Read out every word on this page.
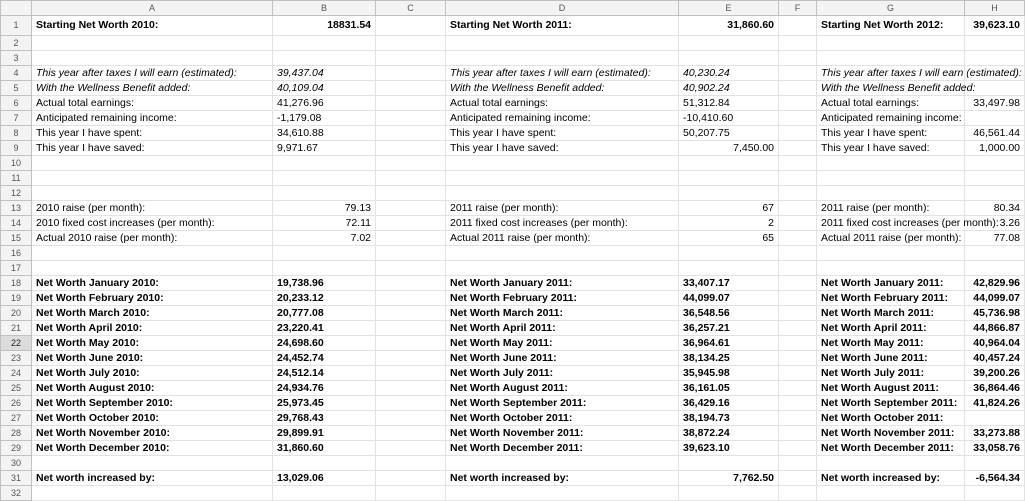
	A	B	C	D	E	F	G	H
1	Starting Net Worth 2010:	18831.54		Starting Net Worth 2011:	31,860.60		Starting Net Worth 2012:	39,623.10
2								
3								
4	This year after taxes I will earn (estimated):	39,437.04		This year after taxes I will earn (estimated):	40,230.24		This year after taxes I will earn (estimated):	
5	With the Wellness Benefit added:	40,109.04		With the Wellness Benefit added:	40,902.24		With the Wellness Benefit added:	
6	Actual total earnings:	41,276.96		Actual total earnings:	51,312.84		Actual total earnings:	33,497.98
7	Anticipated remaining income:	-1,179.08		Anticipated remaining income:	-10,410.60		Anticipated remaining income:	
8	This year I have spent:	34,610.88		This year I have spent:	50,207.75		This year I have spent:	46,561.44
9	This year I have saved:	9,971.67		This year I have saved:	7,450.00		This year I have saved:	1,000.00
10								
11								
12								
13	2010 raise (per month):	79.13		2011 raise (per month):	67		2011 raise (per month):	80.34
14	2010 fixed cost increases (per month):	72.11		2011 fixed cost increases (per month):	2		2011 fixed cost increases (per month):	3.26
15	Actual 2010 raise (per month):	7.02		Actual 2011 raise (per month):	65		Actual 2011 raise (per month):	77.08
16								
17								
18	Net Worth January 2010:	19,738.96		Net Worth January 2011:	33,407.17		Net Worth January 2011:	42,829.96
19	Net Worth February 2010:	20,233.12		Net Worth February 2011:	44,099.07		Net Worth February 2011:	44,099.07
20	Net Worth March 2010:	20,777.08		Net Worth March 2011:	36,548.56		Net Worth March 2011:	45,736.98
21	Net Worth April 2010:	23,220.41		Net Worth April 2011:	36,257.21		Net Worth April 2011:	44,866.87
22	Net Worth May 2010:	24,698.60		Net Worth May 2011:	36,964.61		Net Worth May 2011:	40,964.04
23	Net Worth June 2010:	24,452.74		Net Worth June 2011:	38,134.25		Net Worth June 2011:	40,457.24
24	Net Worth July 2010:	24,512.14		Net Worth July 2011:	35,945.98		Net Worth July 2011:	39,200.26
25	Net Worth August 2010:	24,934.76		Net Worth August 2011:	36,161.05		Net Worth August 2011:	36,864.46
26	Net Worth September 2010:	25,973.45		Net Worth September 2011:	36,429.16		Net Worth September 2011:	41,824.26
27	Net Worth October 2010:	29,768.43		Net Worth October 2011:	38,194.73		Net Worth October 2011:	
28	Net Worth November 2010:	29,899.91		Net Worth November 2011:	38,872.24		Net Worth November 2011:	33,273.88
29	Net Worth December 2010:	31,860.60		Net Worth December 2011:	39,623.10		Net Worth December 2011:	33,058.76
30								
31	Net worth increased by:	13,029.06		Net worth increased by:	7,762.50		Net worth increased by:	-6,564.34
32								
